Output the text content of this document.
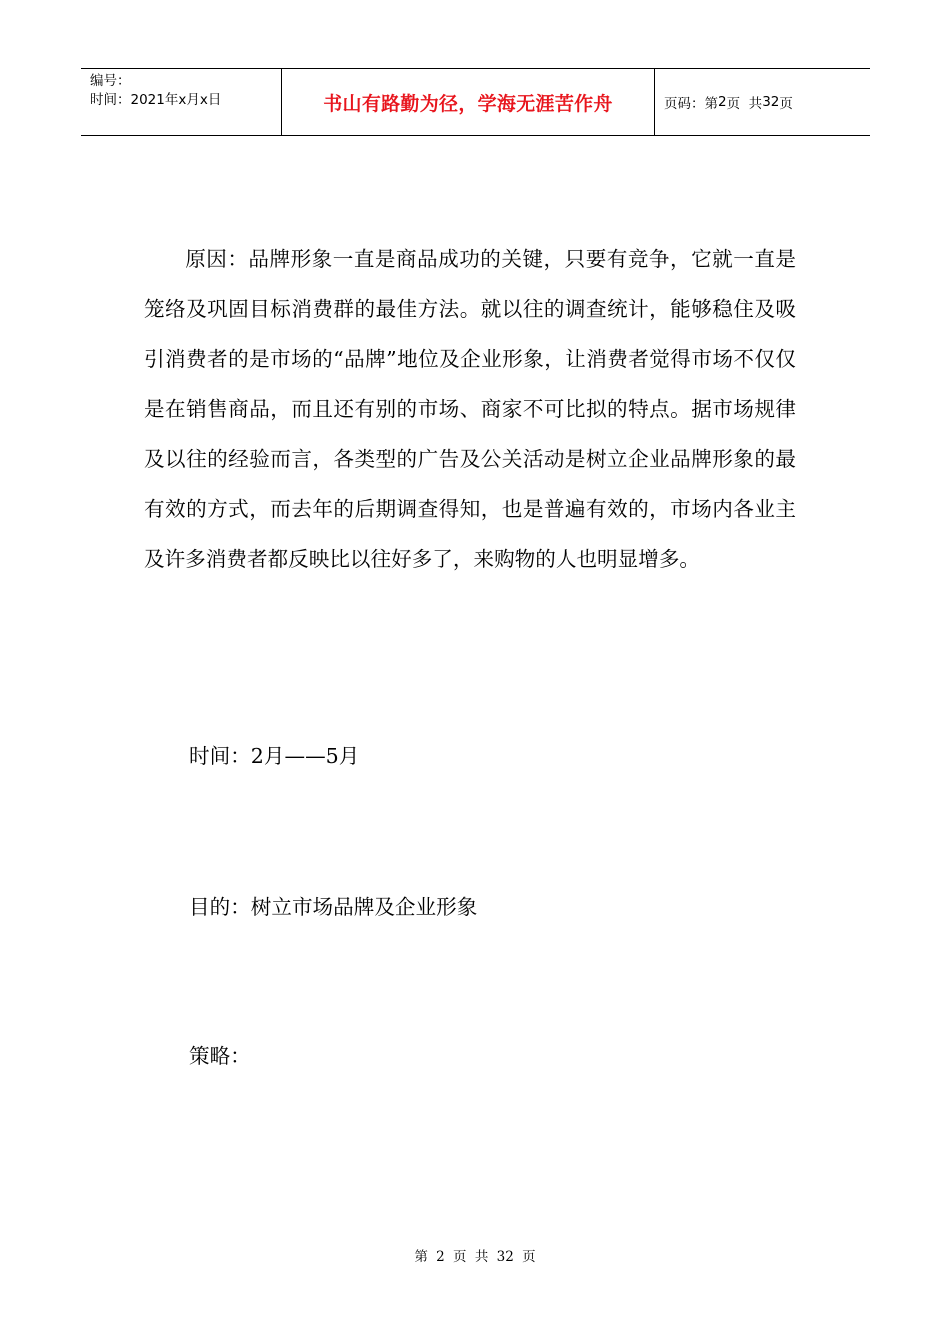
编号：
时间：2021年x月x日	书山有路勤为径，学海无涯苦作舟	页码：第 2 页  共 32 页

原因：品牌形象一直是商品成功的关键，只要有竞争，它就一直是笼络及巩固目标消费群的最佳方法。就以往的调查统计，能够稳住及吸引消费者的是市场的“品牌”地位及企业形象，让消费者觉得市场不仅仅是在销售商品，而且还有别的市场、商家不可比拟的特点。据市场规律及以往的经验而言，各类型的广告及公关活动是树立企业品牌形象的最有效的方式，而去年的后期调查得知，也是普遍有效的，市场内各业主及许多消费者都反映比以往好多了，来购物的人也明显增多。

时间：2月——5月

目的：树立市场品牌及企业形象

策略：

第 2 页 共 32 页
